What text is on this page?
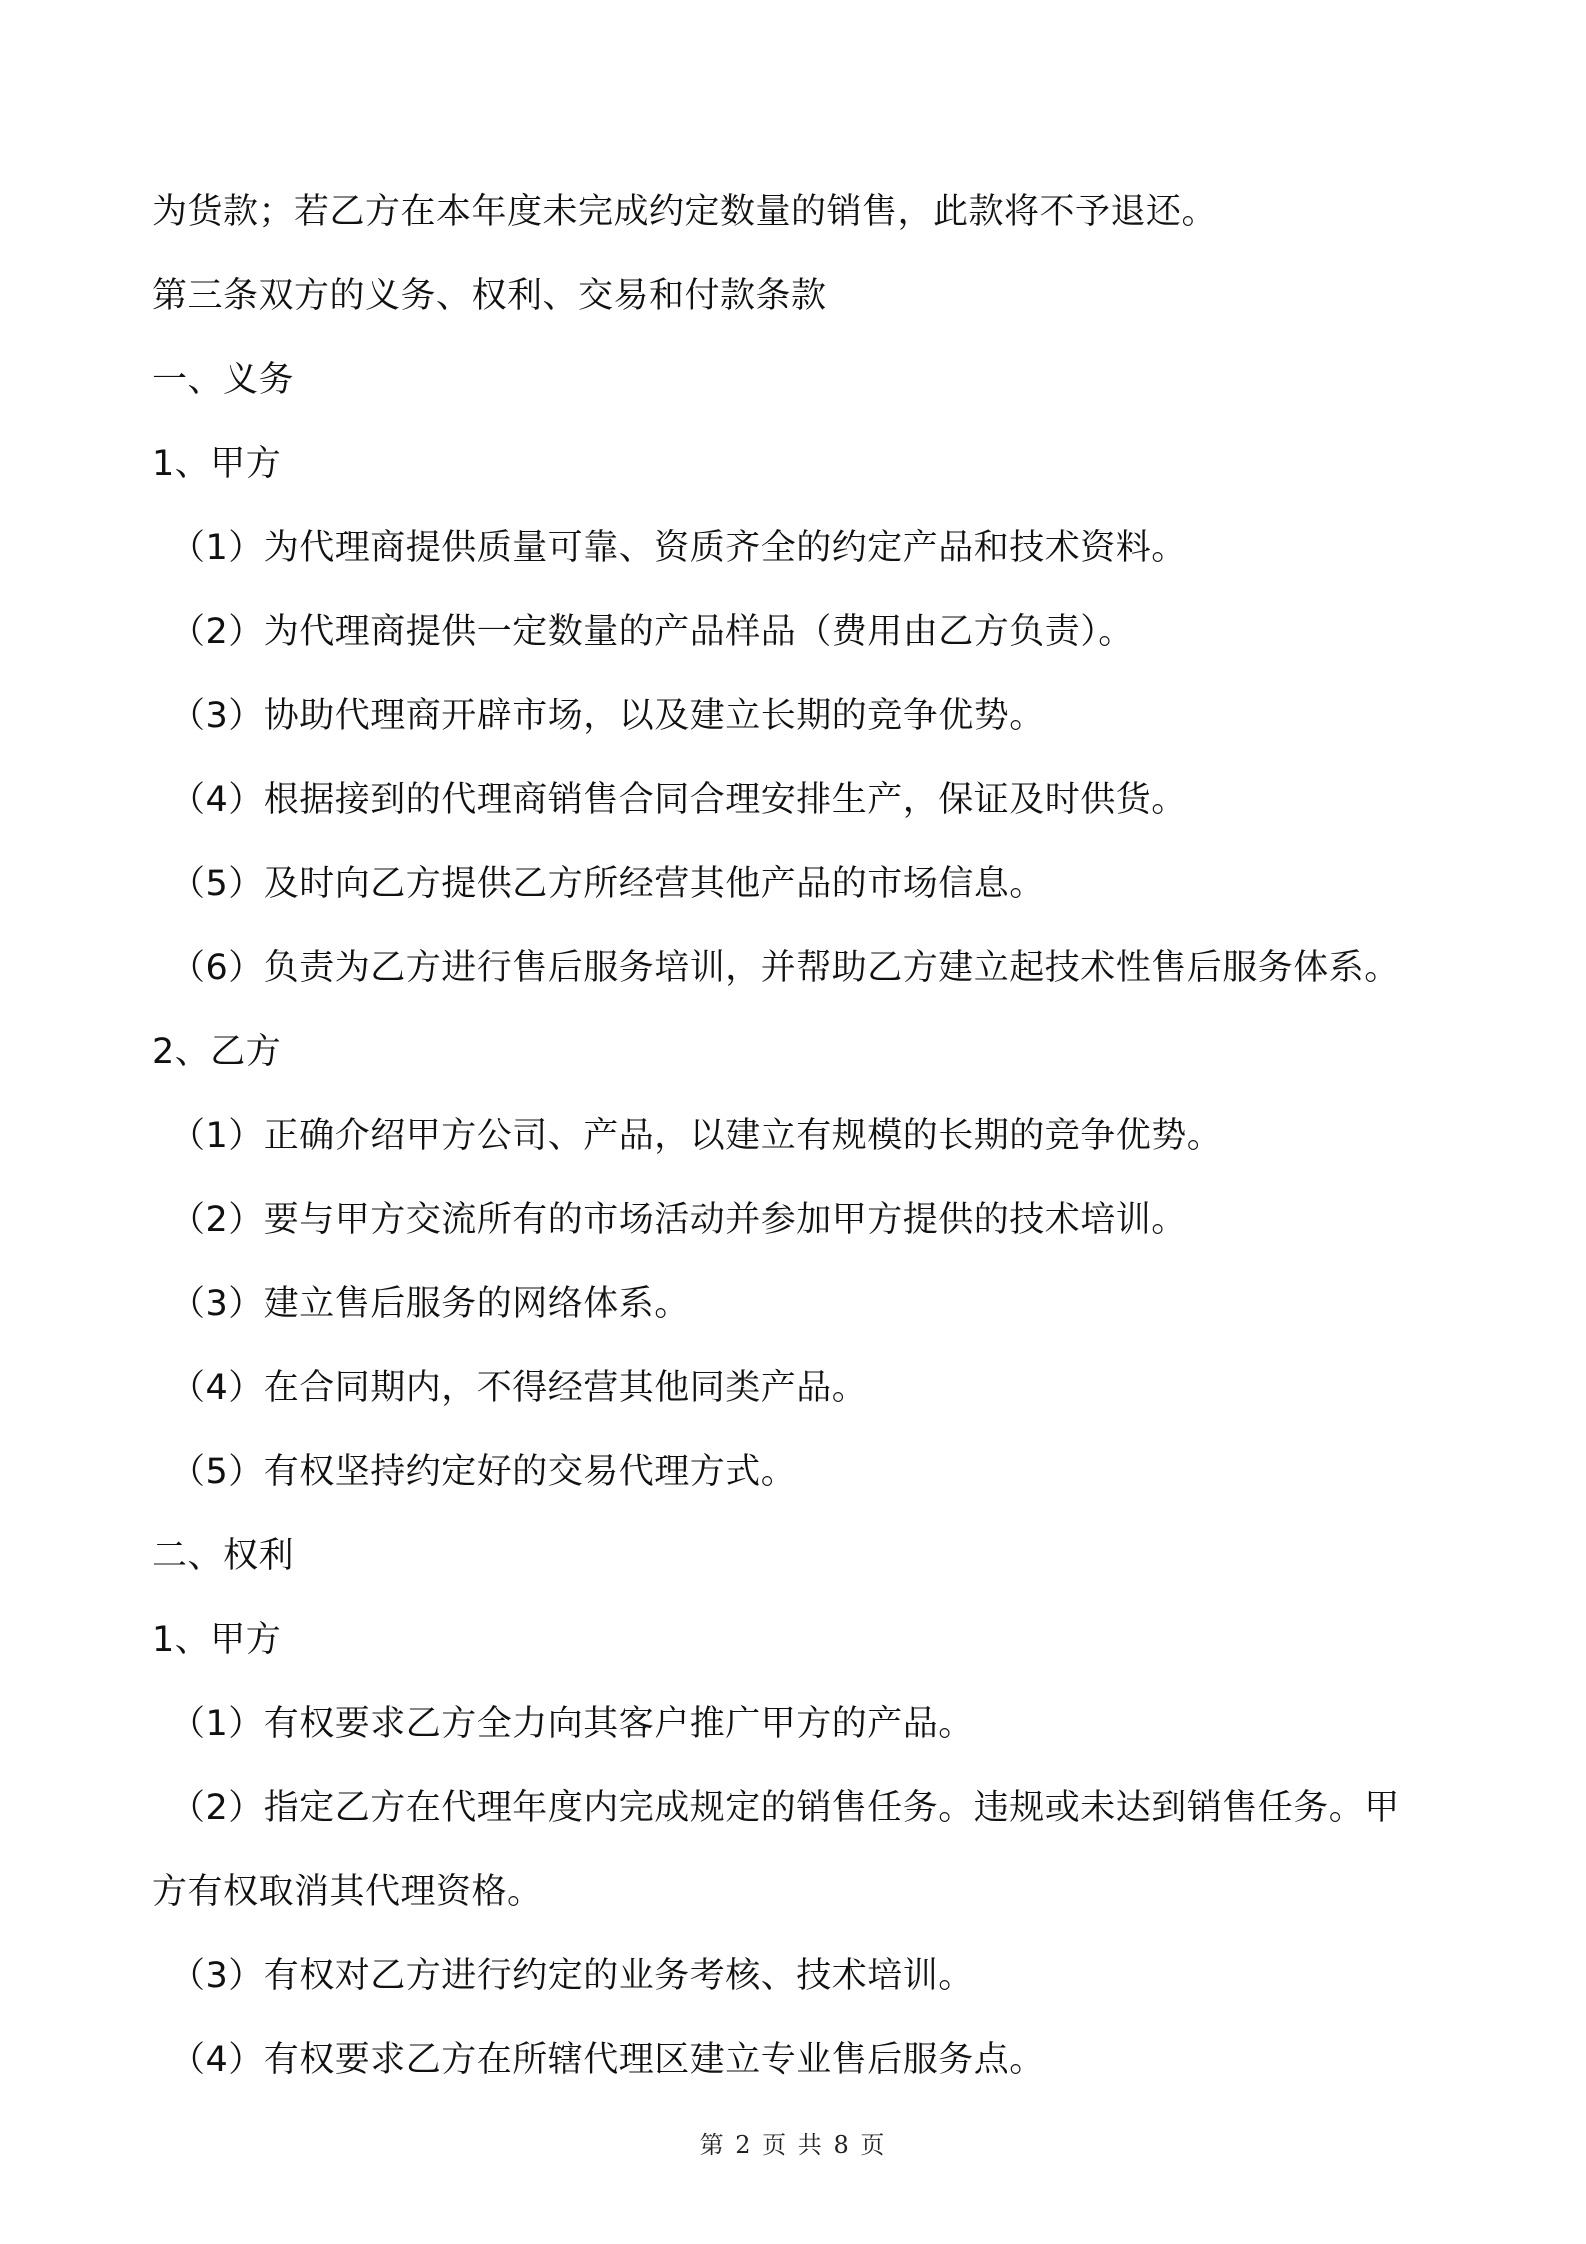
为货款；若乙方在本年度未完成约定数量的销售，此款将不予退还。
第三条双方的义务、权利、交易和付款条款
一、义务
1、甲方
（1）为代理商提供质量可靠、资质齐全的约定产品和技术资料。
（2）为代理商提供一定数量的产品样品（费用由乙方负责）。
（3）协助代理商开辟市场，以及建立长期的竞争优势。
（4）根据接到的代理商销售合同合理安排生产，保证及时供货。
（5）及时向乙方提供乙方所经营其他产品的市场信息。
（6）负责为乙方进行售后服务培训，并帮助乙方建立起技术性售后服务体系。
2、乙方
（1）正确介绍甲方公司、产品，以建立有规模的长期的竞争优势。
（2）要与甲方交流所有的市场活动并参加甲方提供的技术培训。
（3）建立售后服务的网络体系。
（4）在合同期内，不得经营其他同类产品。
（5）有权坚持约定好的交易代理方式。
二、权利
1、甲方
（1）有权要求乙方全力向其客户推广甲方的产品。
（2）指定乙方在代理年度内完成规定的销售任务。违规或未达到销售任务。甲
方有权取消其代理资格。
（3）有权对乙方进行约定的业务考核、技术培训。
（4）有权要求乙方在所辖代理区建立专业售后服务点。
第 2 页 共 8 页
